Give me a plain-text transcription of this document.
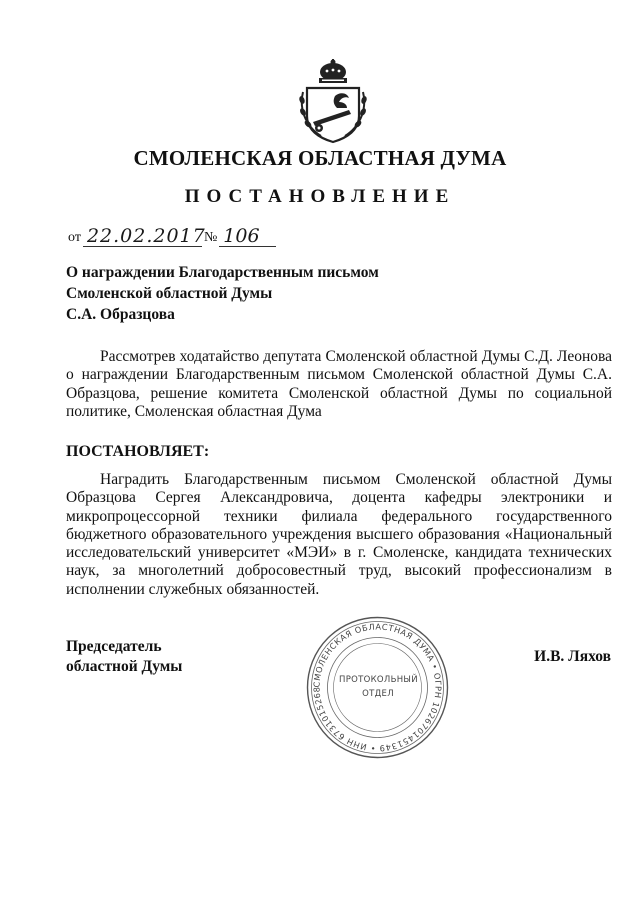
СМОЛЕНСКАЯ ОБЛАСТНАЯ ДУМА
ПОСТАНОВЛЕНИЕ
от 22.02.2017
№ 106
О награждении Благодарственным письмом
Смоленской областной Думы
С.А. Образцова
Рассмотрев ходатайство депутата Смоленской областной Думы С.Д. Леонова о награждении Благодарственным письмом Смоленской областной Думы С.А. Образцова, решение комитета Смоленской областной Думы по социальной политике, Смоленская областная Дума
ПОСТАНОВЛЯЕТ:
Наградить Благодарственным письмом Смоленской областной Думы Образцова Сергея Александровича, доцента кафедры электроники и микропроцессорной техники филиала федерального государственного бюджетного образовательного учреждения высшего образования «Национальный исследовательский университет «МЭИ» в г. Смоленске, кандидата технических наук, за многолетний добросовестный труд, высокий профессионализм в исполнении служебных обязанностей.
Председатель
областной Думы
И.В. Ляхов
СМОЛЕНСКАЯ ОБЛАСТНАЯ ДУМА • ОГРН 1026701451349 • ИНН 6731015268
ПРОТОКОЛЬНЫЙ
ОТДЕЛ
